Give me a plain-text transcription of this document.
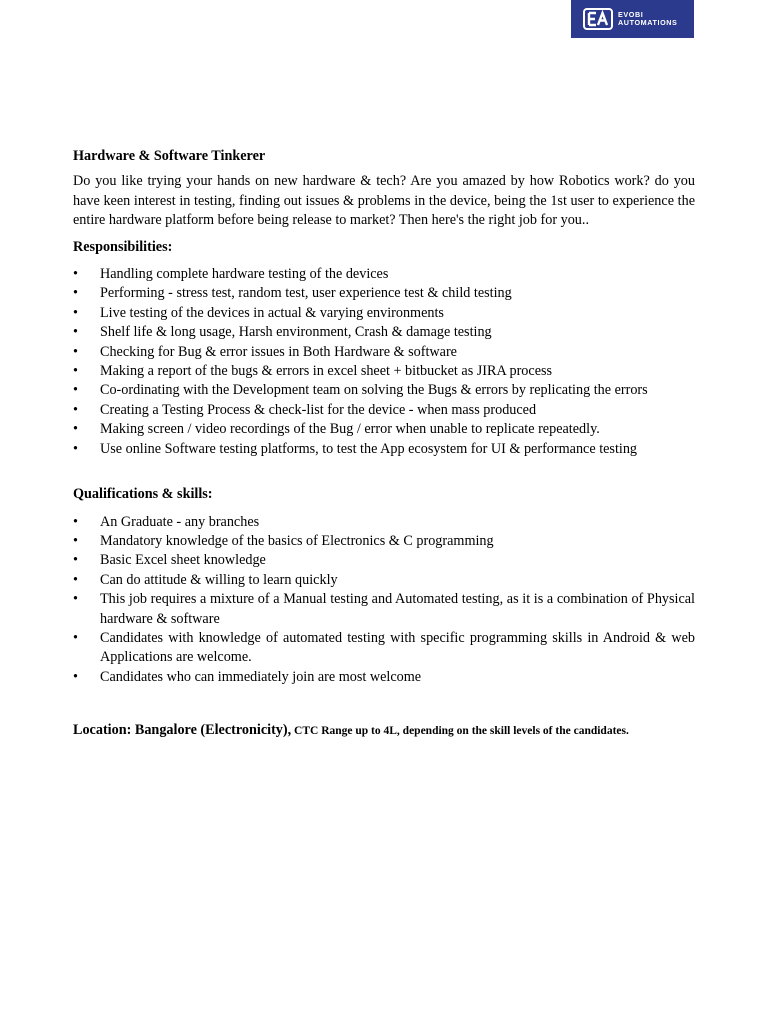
EVOBI
AUTOMATIONS
Hardware & Software Tinkerer
Do you like trying your hands on new hardware & tech? Are you amazed by how Robotics work? do you have keen interest in testing, finding out issues & problems in the device, being the 1st user to experience the entire hardware platform before being release to market? Then here's the right job for you..
Responsibilities:
• Handling complete hardware testing of the devices
• Performing - stress test, random test, user experience test & child testing
• Live testing of the devices in actual & varying environments
• Shelf life & long usage, Harsh environment, Crash & damage testing
• Checking for Bug & error issues in Both Hardware & software
• Making a report of the bugs & errors in excel sheet + bitbucket as JIRA process
• Co-ordinating with the Development team on solving the Bugs & errors by replicating the errors
• Creating a Testing Process & check-list for the device - when mass produced
• Making screen / video recordings of the Bug / error when unable to replicate repeatedly.
• Use online Software testing platforms, to test the App ecosystem for UI & performance testing
Qualifications & skills:
• An Graduate - any branches
• Mandatory knowledge of the basics of Electronics & C programming
• Basic Excel sheet knowledge
• Can do attitude & willing to learn quickly
• This job requires a mixture of a Manual testing and Automated testing, as it is a combination of Physical hardware & software
• Candidates with knowledge of automated testing with specific programming skills in Android & web Applications are welcome.
• Candidates who can immediately join are most welcome
Location: Bangalore (Electronicity), CTC Range up to 4L, depending on the skill levels of the candidates.
